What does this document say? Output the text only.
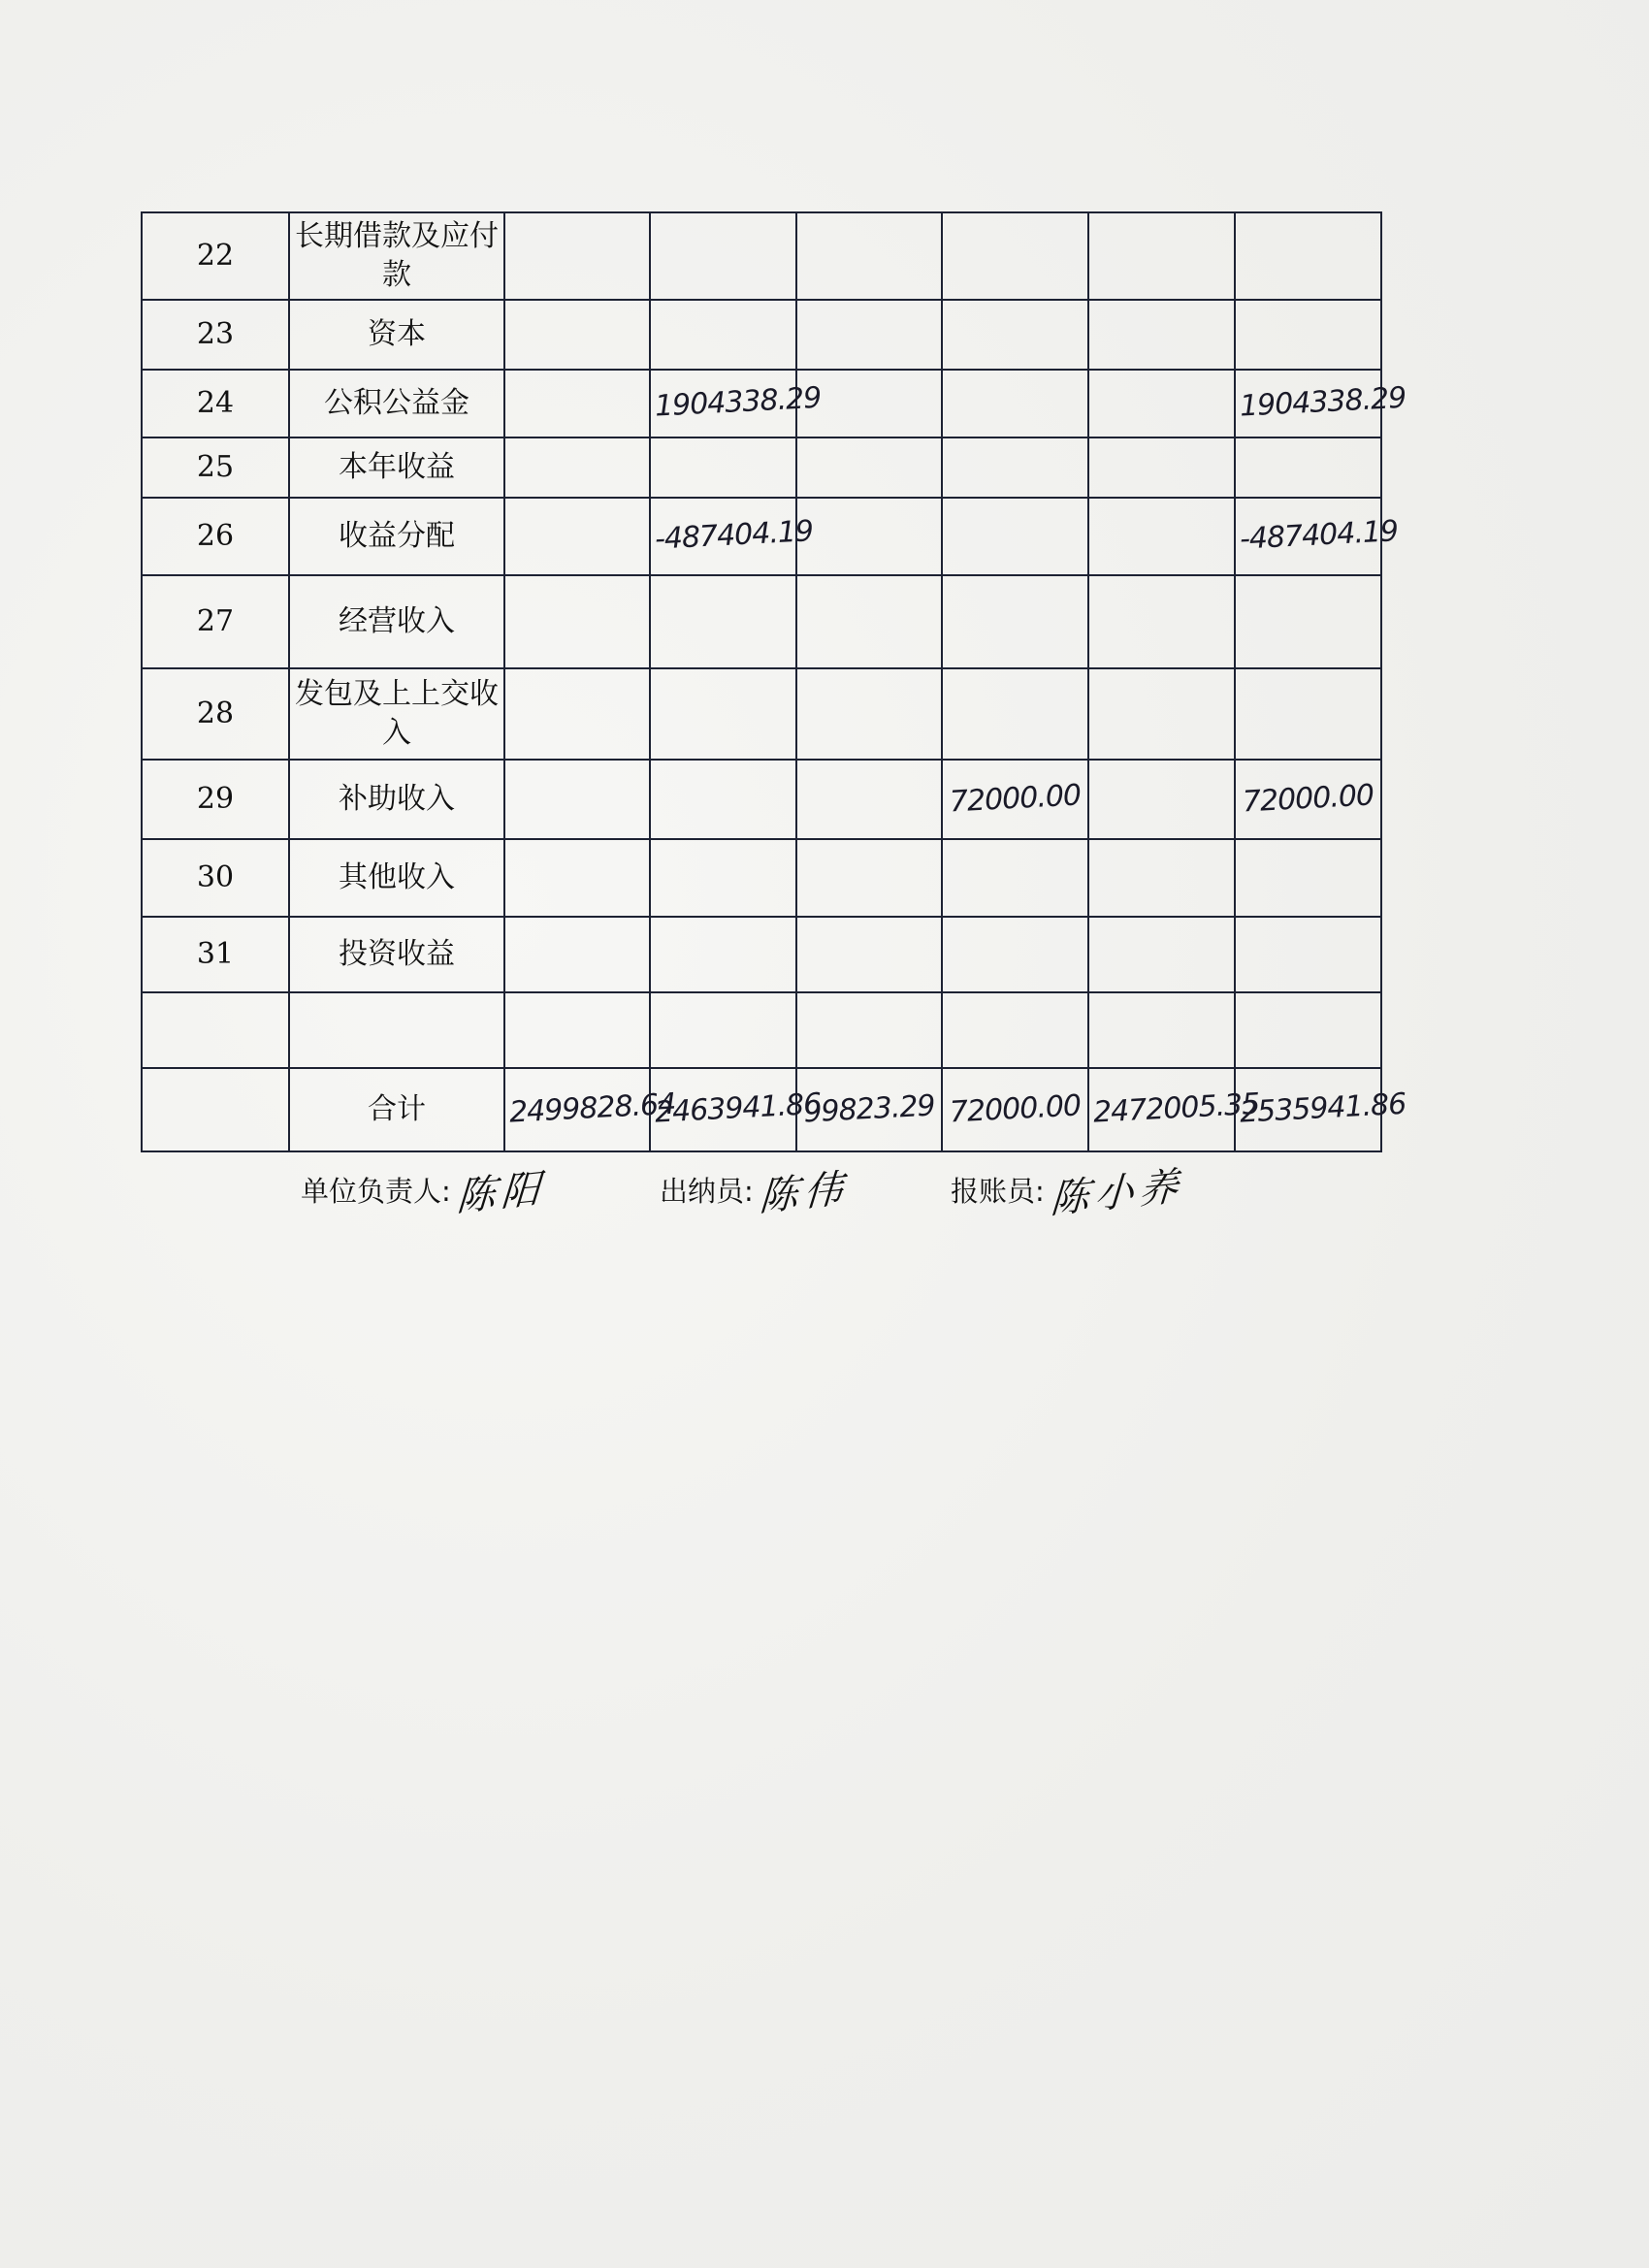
22	长期借款及应付款						
23	资本						
24	公积公益金		1904338.29				1904338.29
25	本年收益						
26	收益分配		-487404.19				-487404.19
27	经营收入						
28	发包及上上交收入						
29	补助收入				72000.00		72000.00
30	其他收入						
31	投资收益						

	合计	2499828.64	2463941.86	99823.29	72000.00	2472005.35	2535941.86
单位负责人: 陈阳	出纳员: 陈伟	报账员: 陈小养
